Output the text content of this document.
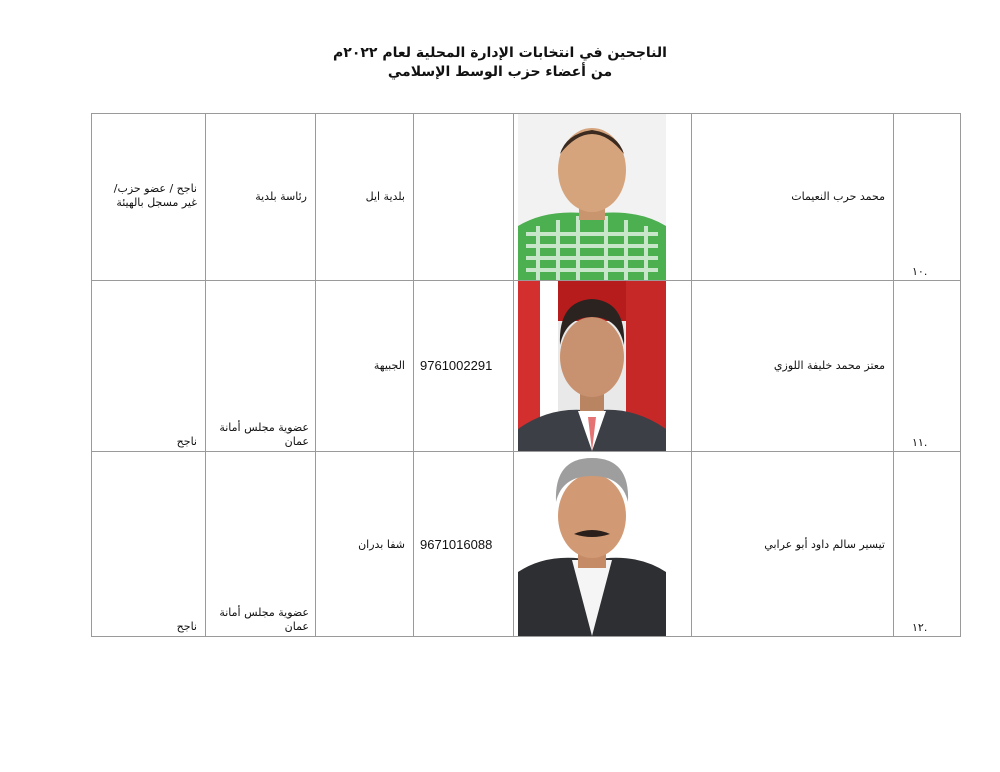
الناجحين في انتخابات الإدارة المحلية لعام ٢٠٢٢م
من أعضاء حزب الوسط الإسلامي
ناجح / عضو حزب/ غير مسجل بالهيئة	رئاسة بلدية	بلدية ايل			محمد حرب النعيمات	.١٠

ناجح	عضوية مجلس أمانة عمان	الجبيهة	9761002291		معتز محمد خليفة اللوزي	.١١

ناجح	عضوية مجلس أمانة عمان	شفا بدران	9671016088		تيسير سالم داود أبو عرابي	.١٢
